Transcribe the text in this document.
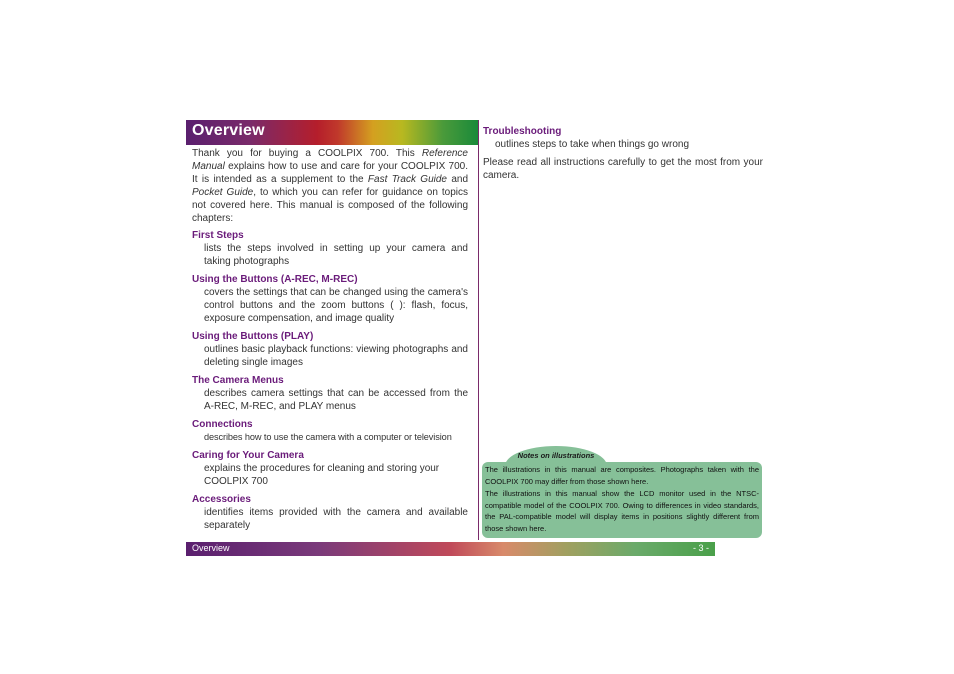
Overview

Thank you for buying a COOLPIX 700. This Reference Manual explains how to use and care for your COOLPIX 700. It is intended as a supplement to the Fast Track Guide and Pocket Guide, to which you can refer for guidance on topics not covered here. This manual is composed of the following chapters:

First Steps

lists the steps involved in setting up your camera and taking photographs

Using the Buttons (A-REC, M-REC)

covers the settings that can be changed using the camera's control buttons and the zoom buttons ( ): flash, focus, exposure compensation, and image quality

Using the Buttons (PLAY)

outlines basic playback functions: viewing photographs and deleting single images

The Camera Menus

describes camera settings that can be accessed from the A-REC, M-REC, and PLAY menus

Connections

describes how to use the camera with a computer or television

Caring for Your Camera

explains the procedures for cleaning and storing your COOLPIX 700

Accessories

identifies items provided with the camera and available separately

Troubleshooting

outlines steps to take when things go wrong

Please read all instructions carefully to get the most from your camera.

Notes on illustrations

The illustrations in this manual are composites. Photographs taken with the COOLPIX 700 may differ from those shown here.

The illustrations in this manual show the LCD monitor used in the NTSC-compatible model of the COOLPIX 700. Owing to differences in video standards, the PAL-compatible model will display items in positions slightly different from those shown here.

Overview	- 3 -
